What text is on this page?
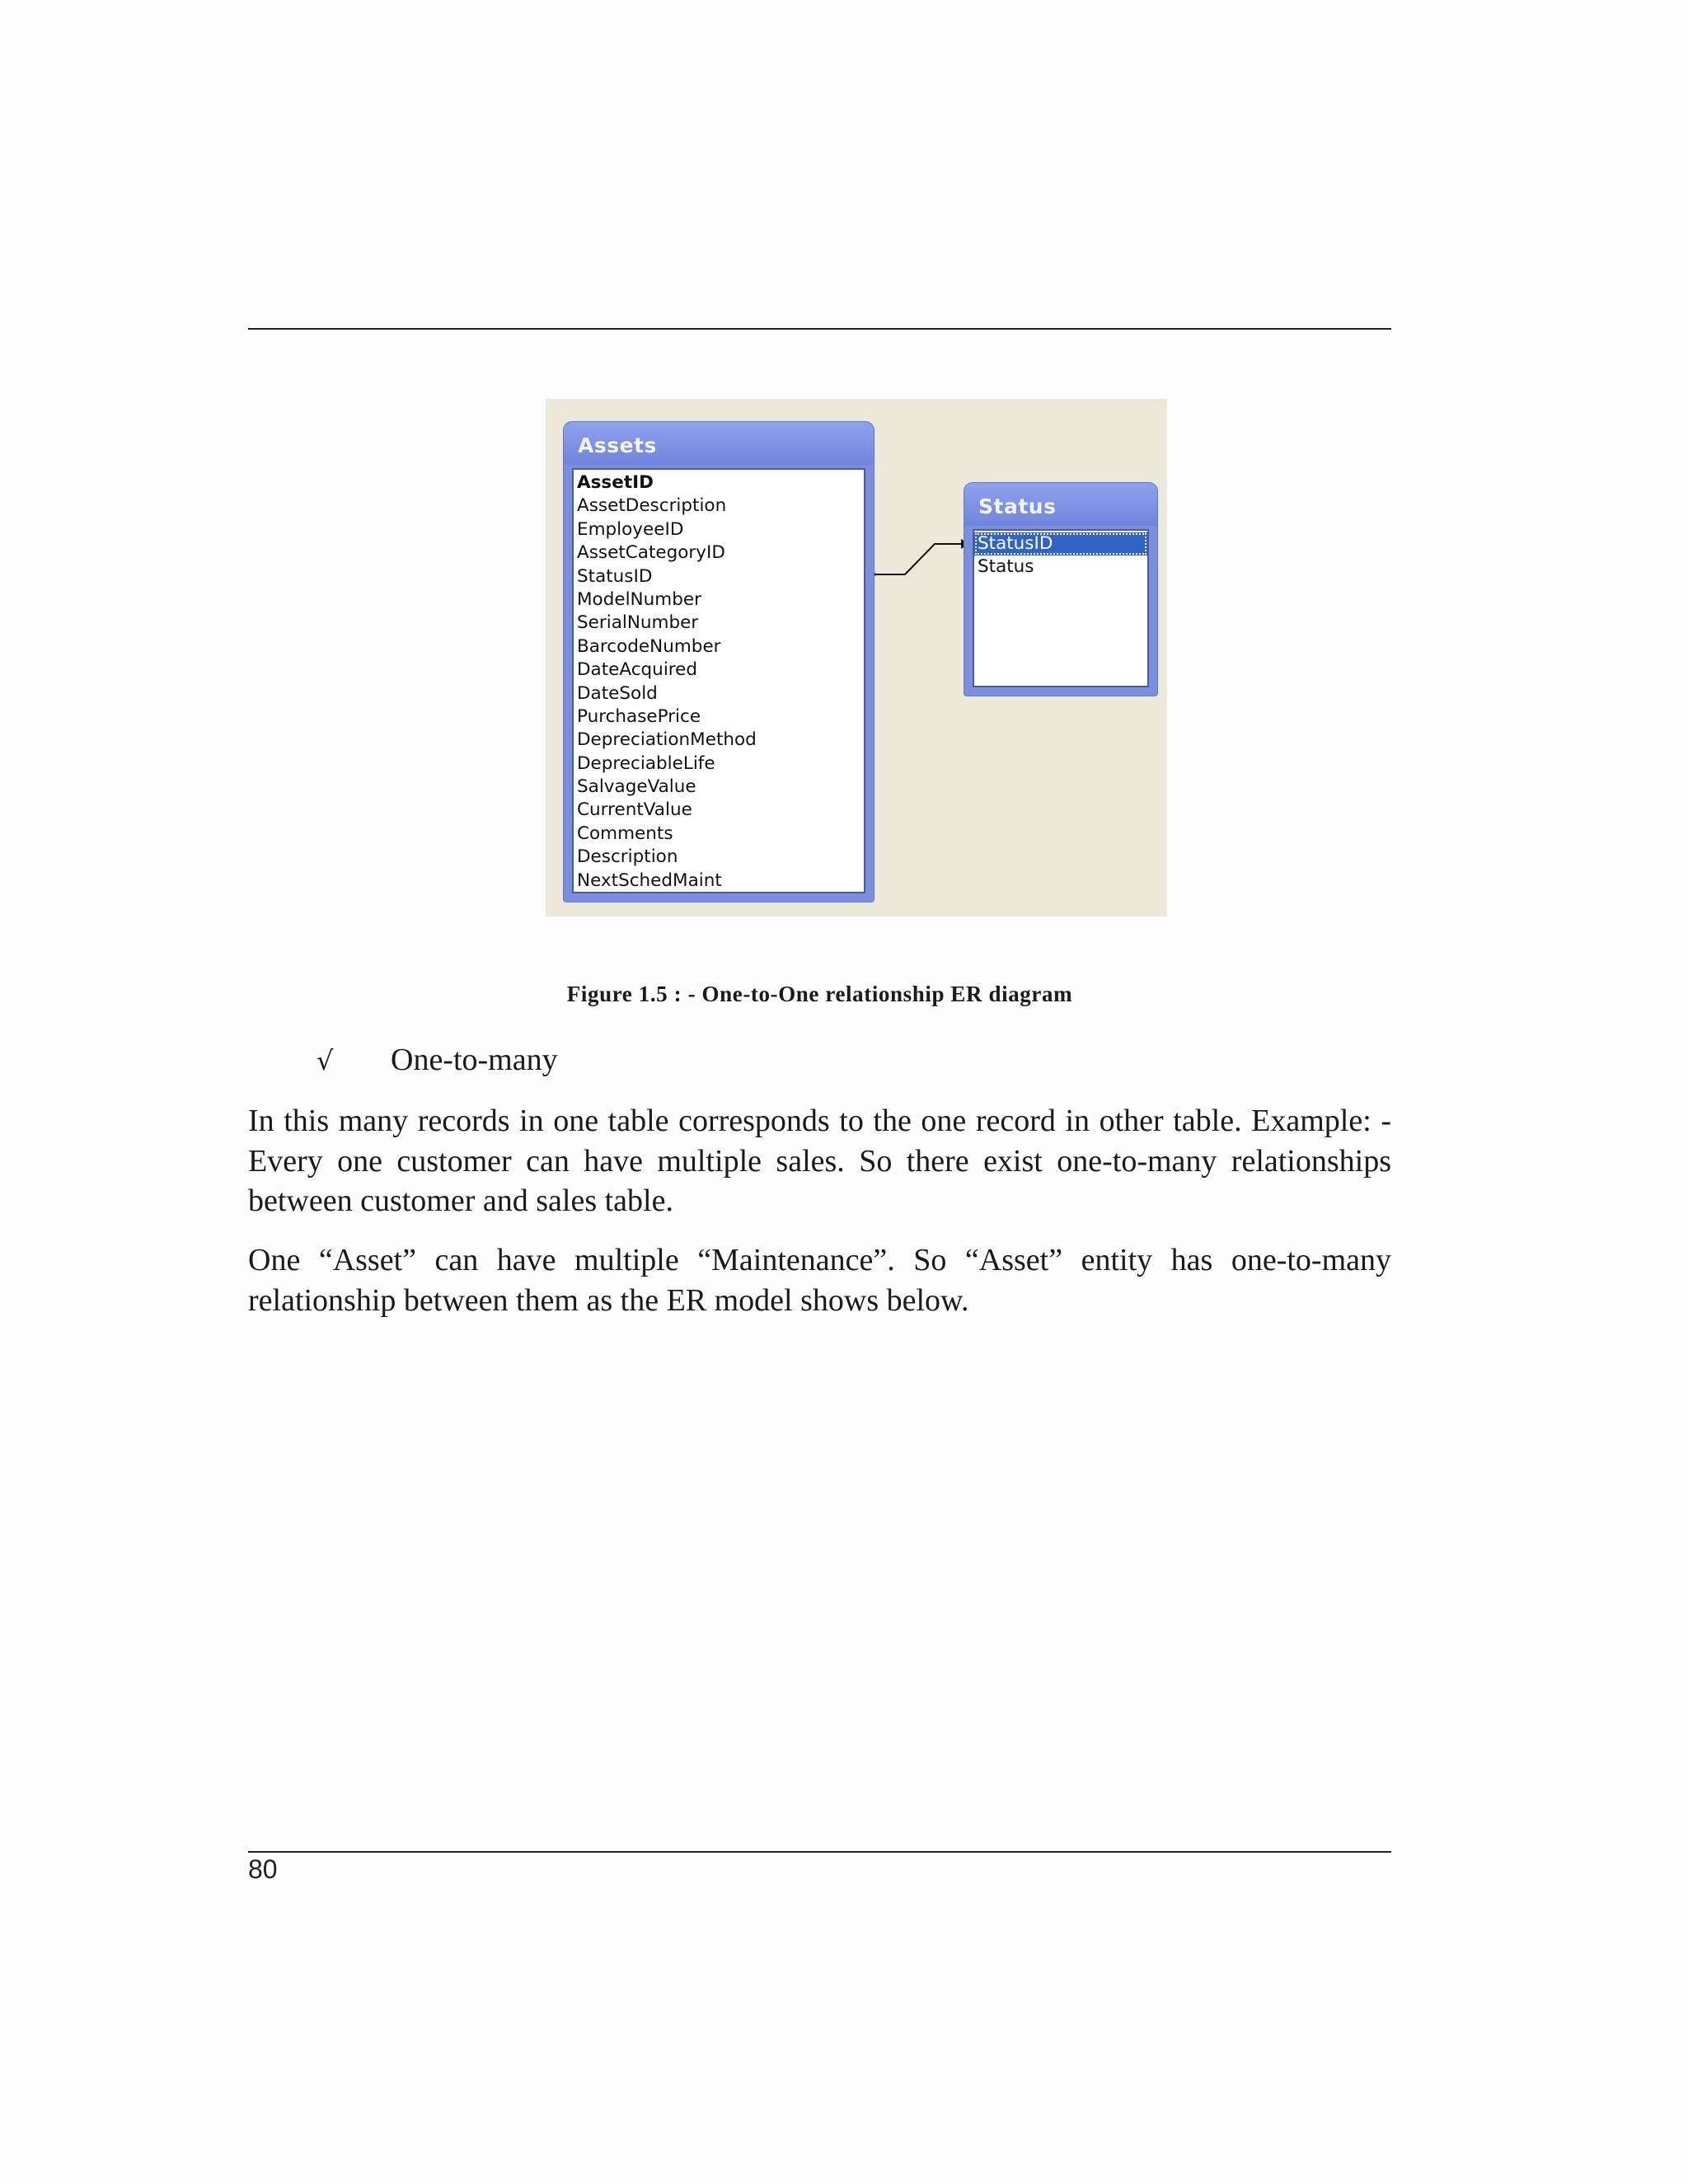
Assets
AssetID
AssetDescription
EmployeeID
AssetCategoryID
StatusID
ModelNumber
SerialNumber
BarcodeNumber
DateAcquired
DateSold
PurchasePrice
DepreciationMethod
DepreciableLife
SalvageValue
CurrentValue
Comments
Description
NextSchedMaint
Status
StatusID
Status
Figure 1.5 : - One-to-One relationship ER diagram
√ One-to-many

In this many records in one table corresponds to the one record in other table. Example: - Every one customer can have multiple sales. So there exist one-to-many relationships between customer and sales table.

One “Asset” can have multiple “Maintenance”. So “Asset” entity has one-to-many relationship between them as the ER model shows below.

80
